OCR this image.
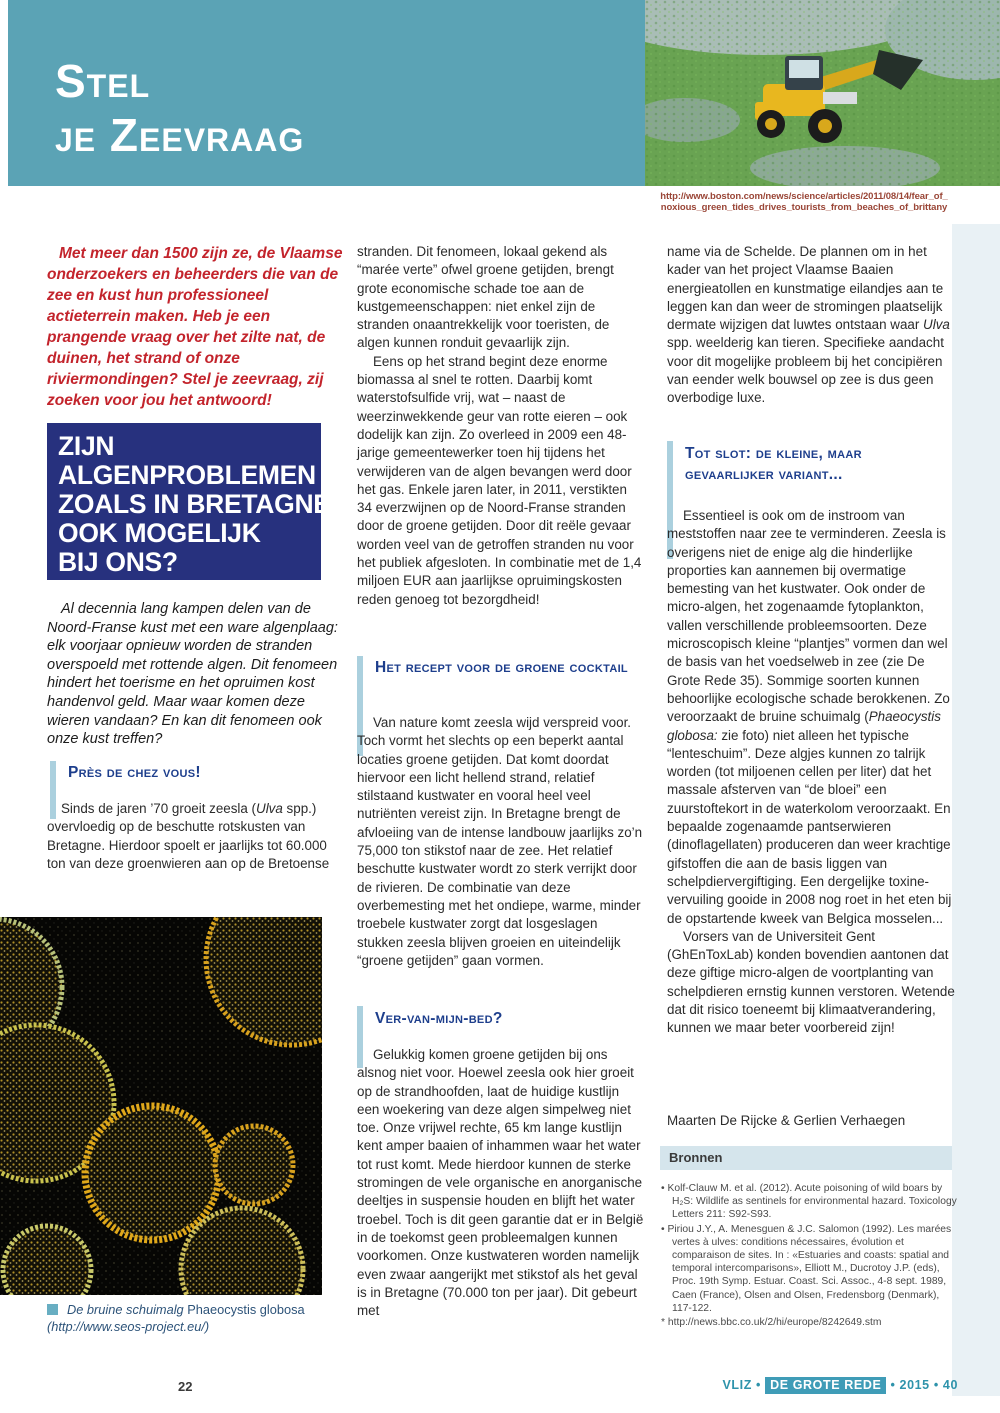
Stel
je Zeevraag
http://www.boston.com/news/science/articles/2011/08/14/fear_of_
noxious_green_tides_drives_tourists_from_beaches_of_brittany
Met meer dan 1500 zijn ze, de Vlaamse onderzoekers en beheerders die van de zee en kust hun professioneel actieterrein maken. Heb je een prangende vraag over het zilte nat, de duinen, het strand of onze riviermondingen? Stel je zeevraag, zij zoeken voor jou het antwoord!
ZIJN
ALGENPROBLEMEN
ZOALS IN BRETAGNE
OOK MOGELIJK
BIJ ONS?
Al decennia lang kampen delen van de Noord-Franse kust met een ware algenplaag: elk voorjaar opnieuw worden de stranden overspoeld met rottende algen. Dit fenomeen hindert het toerisme en het opruimen kost handenvol geld. Maar waar komen deze wieren vandaan? En kan dit fenomeen ook onze kust treffen?
Près de chez vous!
Sinds de jaren ’70 groeit zeesla (Ulva spp.) overvloedig op de beschutte rotskusten van Bretagne. Hierdoor spoelt er jaarlijks tot 60.000 ton van deze groenwieren aan op de Bretoense
De bruine schuimalg Phaeocystis globosa
(http://www.seos-project.eu/)

stranden. Dit fenomeen, lokaal gekend als “marée verte” ofwel groene getijden, brengt grote economische schade toe aan de kustgemeenschappen: niet enkel zijn de stranden onaantrekkelijk voor toeristen, de algen kunnen ronduit gevaarlijk zijn.

Eens op het strand begint deze enorme biomassa al snel te rotten. Daarbij komt waterstofsulfide vrij, wat – naast de weerzinwekkende geur van rotte eieren – ook dodelijk kan zijn. Zo overleed in 2009 een 48-jarige gemeentewerker toen hij tijdens het verwijderen van de algen bevangen werd door het gas. Enkele jaren later, in 2011, verstikten 34 everzwijnen op de Noord-Franse stranden door de groene getijden. Door dit reële gevaar worden veel van de getroffen stranden nu voor het publiek afgesloten. In combinatie met de 1,4 miljoen EUR aan jaarlijkse opruimingskosten reden genoeg tot bezorgdheid!

Het recept voor de groene cocktail
Van nature komt zeesla wijd verspreid voor. Toch vormt het slechts op een beperkt aantal locaties groene getijden. Dat komt doordat hiervoor een licht hellend strand, relatief stilstaand kustwater en vooral heel veel nutriënten vereist zijn. In Bretagne brengt de afvloeiing van de intense landbouw jaarlijks zo’n 75,000 ton stikstof naar de zee. Het relatief beschutte kustwater wordt zo sterk verrijkt door de rivieren. De combinatie van deze overbemesting met het ondiepe, warme, minder troebele kustwater zorgt dat losgeslagen stukken zeesla blijven groeien en uiteindelijk “groene getijden” gaan vormen.
Ver-van-mijn-bed?
Gelukkig komen groene getijden bij ons alsnog niet voor. Hoewel zeesla ook hier groeit op de strandhoofden, laat de huidige kustlijn een woekering van deze algen simpelweg niet toe. Onze vrijwel rechte, 65 km lange kustlijn kent amper baaien of inhammen waar het water tot rust komt. Mede hierdoor kunnen de sterke stromingen de vele organische en anorganische deeltjes in suspensie houden en blijft het water troebel. Toch is dit geen garantie dat er in België in de toekomst geen probleemalgen kunnen voorkomen. Onze kustwateren worden namelijk even zwaar aangerijkt met stikstof als het geval is in Bretagne (70.000 ton per jaar). Dit gebeurt met
name via de Schelde. De plannen om in het kader van het project Vlaamse Baaien energieatollen en kunstmatige eilandjes aan te leggen kan dan weer de stromingen plaatselijk dermate wijzigen dat luwtes ontstaan waar Ulva spp. weelderig kan tieren. Specifieke aandacht voor dit mogelijke probleem bij het concipiëren van eender welk bouwsel op zee is dus geen overbodige luxe.
Tot slot: de kleine, maar gevaarlijker variant...

Essentieel is ook om de instroom van meststoffen naar zee te verminderen. Zeesla is overigens niet de enige alg die hinderlijke proporties kan aannemen bij overmatige bemesting van het kustwater. Ook onder de micro-algen, het zogenaamde fytoplankton, vallen verschillende probleemsoorten. Deze microscopisch kleine “plantjes” vormen dan wel de basis van het voedselweb in zee (zie De Grote Rede 35). Sommige soorten kunnen behoorlijke ecologische schade berokkenen. Zo veroorzaakt de bruine schuimalg (Phaeocystis globosa: zie foto) niet alleen het typische “lenteschuim”. Deze algjes kunnen zo talrijk worden (tot miljoenen cellen per liter) dat het massale afsterven van “de bloei” een zuurstoftekort in de waterkolom veroorzaakt. En bepaalde zogenaamde pantserwieren (dinoflagellaten) produceren dan weer krachtige gifstoffen die aan de basis liggen van schelpdiervergiftiging. Een dergelijke toxine-vervuiling gooide in 2008 nog roet in het eten bij de opstartende kweek van Belgica mosselen...

Vorsers van de Universiteit Gent (GhEnToxLab) konden bovendien aantonen dat deze giftige micro-algen de voortplanting van schelpdieren ernstig kunnen verstoren. Wetende dat dit risico toeneemt bij klimaatverandering, kunnen we maar beter voorbereid zijn!

Maarten De Rijcke & Gerlien Verhaegen
Bronnen

• Kolf-Clauw M. et al. (2012). Acute poisoning of wild boars by H₂S: Wildlife as sentinels for environmental hazard. Toxicology Letters 211: S92-S93.

• Piriou J.Y., A. Menesguen & J.C. Salomon (1992). Les marées vertes à ulves: conditions nécessaires, évolution et comparaison de sites. In : «Estuaries and coasts: spatial and temporal intercomparisons», Elliott M., Ducrotoy J.P. (eds), Proc. 19th Symp. Estuar. Coast. Sci. Assoc., 4-8 sept. 1989, Caen (France), Olsen and Olsen, Fredensborg (Denmark), 117-122.

* http://news.bbc.co.uk/2/hi/europe/8242649.stm

22	VLIZ • DE GROTE REDE • 2015 • 40
